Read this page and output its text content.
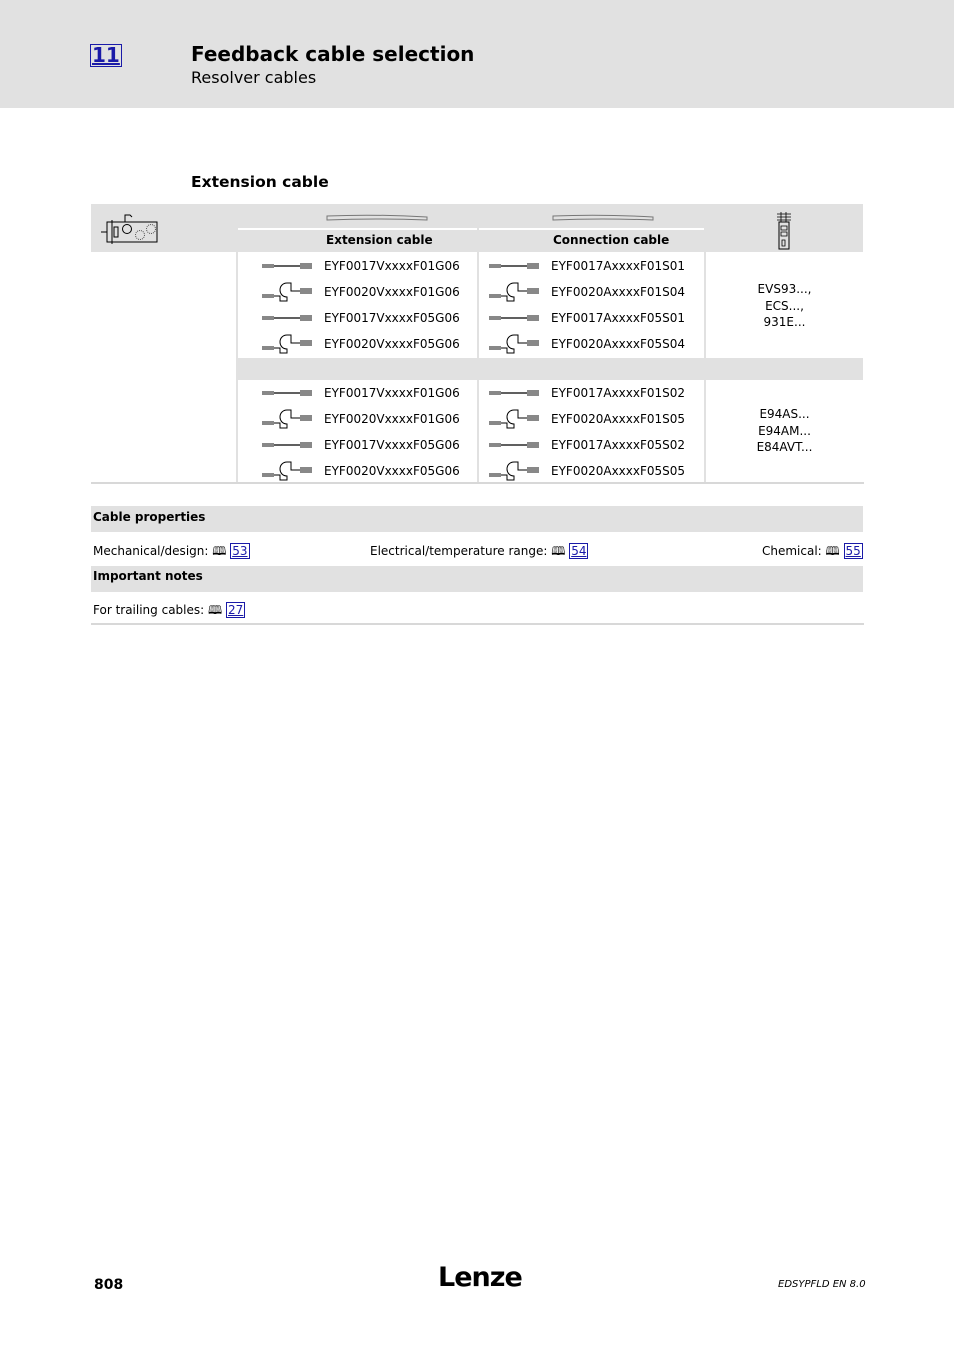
11	Feedback cable selection
Resolver cables
Extension cable
Extension cable	Connection cable
EYF0017VxxxxF01G06	EYF0017AxxxxF01S01
EYF0020VxxxxF01G06	EYF0020AxxxxF01S04
EYF0017VxxxxF05G06	EYF0017AxxxxF05S01
EYF0020VxxxxF05G06	EYF0020AxxxxF05S04
EVS93...,
ECS...,
931E...
EYF0017VxxxxF01G06	EYF0017AxxxxF01S02
EYF0020VxxxxF01G06	EYF0020AxxxxF01S05
EYF0017VxxxxF05G06	EYF0017AxxxxF05S02
EYF0020VxxxxF05G06	EYF0020AxxxxF05S05
E94AS...
E94AM...
E84AVT...
Cable properties
Mechanical/design: 🕮 53	Electrical/temperature range: 🕮 54	Chemical: 🕮 55
Important notes
For trailing cables: 🕮 27
808	Lenze	EDSYPFLD EN 8.0
